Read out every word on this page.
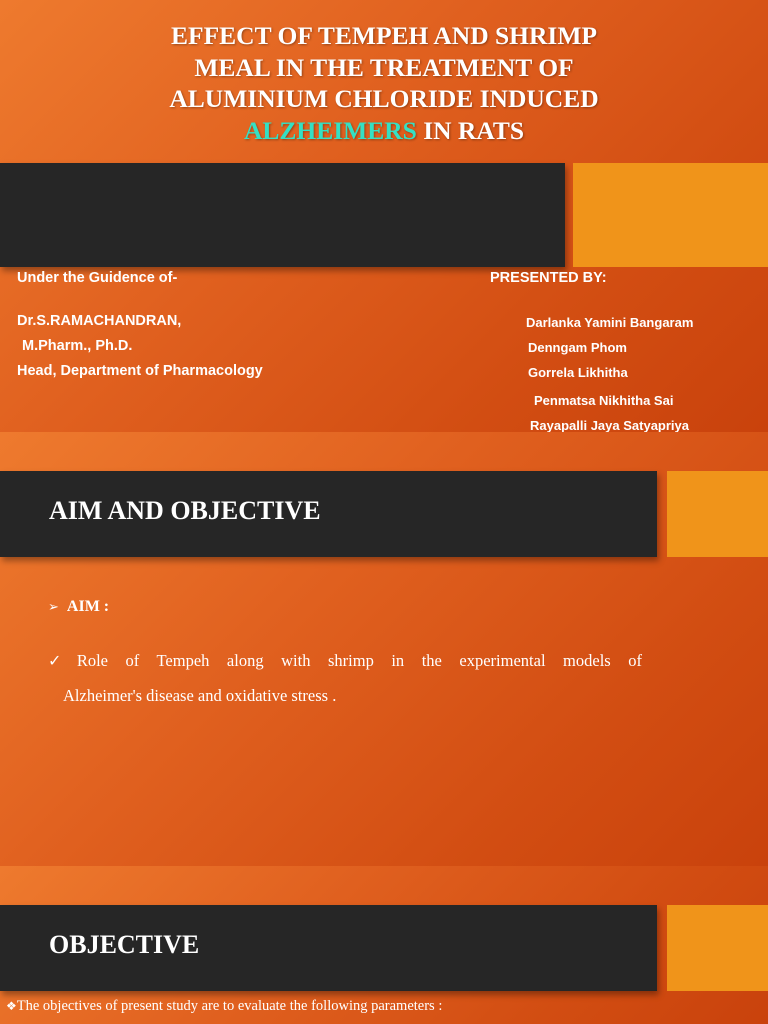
EFFECT OF TEMPEH AND SHRIMP
MEAL IN THE TREATMENT OF
ALUMINIUM CHLORIDE INDUCED
ALZHEIMERS IN RATS
Under the Guidence of-
Dr.S.RAMACHANDRAN,
M.Pharm., Ph.D.
Head, Department of Pharmacology
PRESENTED BY:
Darlanka Yamini Bangaram
Denngam Phom
Gorrela Likhitha
Penmatsa Nikhitha Sai
Rayapalli Jaya Satyapriya
AIM AND OBJECTIVE
➢ AIM :

✓ Role of Tempeh along with shrimp in the experimental models of
Alzheimer's disease and oxidative stress .

OBJECTIVE
❖The objectives of present study are to evaluate the following parameters :
